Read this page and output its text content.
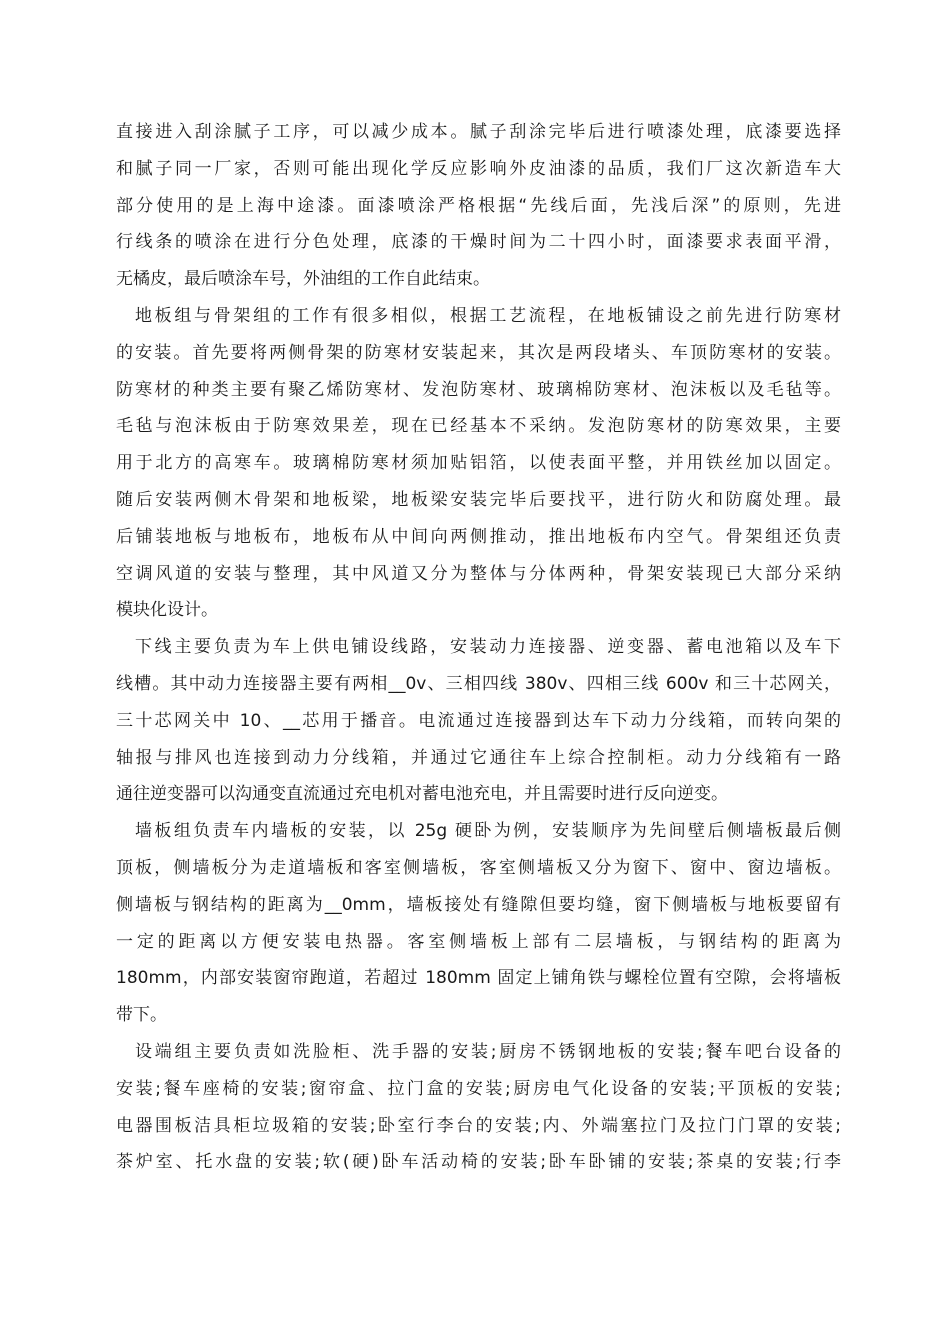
直接进入刮涂腻子工序，可以减少成本。腻子刮涂完毕后进行喷漆处理，底漆要选择
和腻子同一厂家，否则可能出现化学反应影响外皮油漆的品质，我们厂这次新造车大
部分使用的是上海中途漆。面漆喷涂严格根据“先线后面，先浅后深”的原则，先进
行线条的喷涂在进行分色处理，底漆的干燥时间为二十四小时，面漆要求表面平滑，
无橘皮，最后喷涂车号，外油组的工作自此结束。
地板组与骨架组的工作有很多相似，根据工艺流程，在地板铺设之前先进行防寒材
的安装。首先要将两侧骨架的防寒材安装起来，其次是两段堵头、车顶防寒材的安装。
防寒材的种类主要有聚乙烯防寒材、发泡防寒材、玻璃棉防寒材、泡沫板以及毛毡等。
毛毡与泡沫板由于防寒效果差，现在已经基本不采纳。发泡防寒材的防寒效果，主要
用于北方的高寒车。玻璃棉防寒材须加贴铝箔，以使表面平整，并用铁丝加以固定。
随后安装两侧木骨架和地板梁，地板梁安装完毕后要找平，进行防火和防腐处理。最
后铺装地板与地板布，地板布从中间向两侧推动，推出地板布内空气。骨架组还负责
空调风道的安装与整理，其中风道又分为整体与分体两种，骨架安装现已大部分采纳
模块化设计。
下线主要负责为车上供电铺设线路，安装动力连接器、逆变器、蓄电池箱以及车下
线槽。其中动力连接器主要有两相__0v、三相四线 380v、四相三线 600v 和三十芯网关，
三十芯网关中 10、__芯用于播音。电流通过连接器到达车下动力分线箱，而转向架的
轴报与排风也连接到动力分线箱，并通过它通往车上综合控制柜。动力分线箱有一路
通往逆变器可以沟通变直流通过充电机对蓄电池充电，并且需要时进行反向逆变。
墙板组负责车内墙板的安装，以 25g 硬卧为例，安装顺序为先间壁后侧墙板最后侧
顶板，侧墙板分为走道墙板和客室侧墙板，客室侧墙板又分为窗下、窗中、窗边墙板。
侧墙板与钢结构的距离为__0mm，墙板接处有缝隙但要均缝，窗下侧墙板与地板要留有
一定的距离以方便安装电热器。客室侧墙板上部有二层墙板，与钢结构的距离为
180mm，内部安装窗帘跑道，若超过 180mm 固定上铺角铁与螺栓位置有空隙，会将墙板
带下。
设端组主要负责如洗脸柜、洗手器的安装;厨房不锈钢地板的安装;餐车吧台设备的
安装;餐车座椅的安装;窗帘盒、拉门盒的安装;厨房电气化设备的安装;平顶板的安装;
电器围板洁具柜垃圾箱的安装;卧室行李台的安装;内、外端塞拉门及拉门门罩的安装;
茶炉室、托水盘的安装;软(硬)卧车活动椅的安装;卧车卧铺的安装;茶桌的安装;行李
